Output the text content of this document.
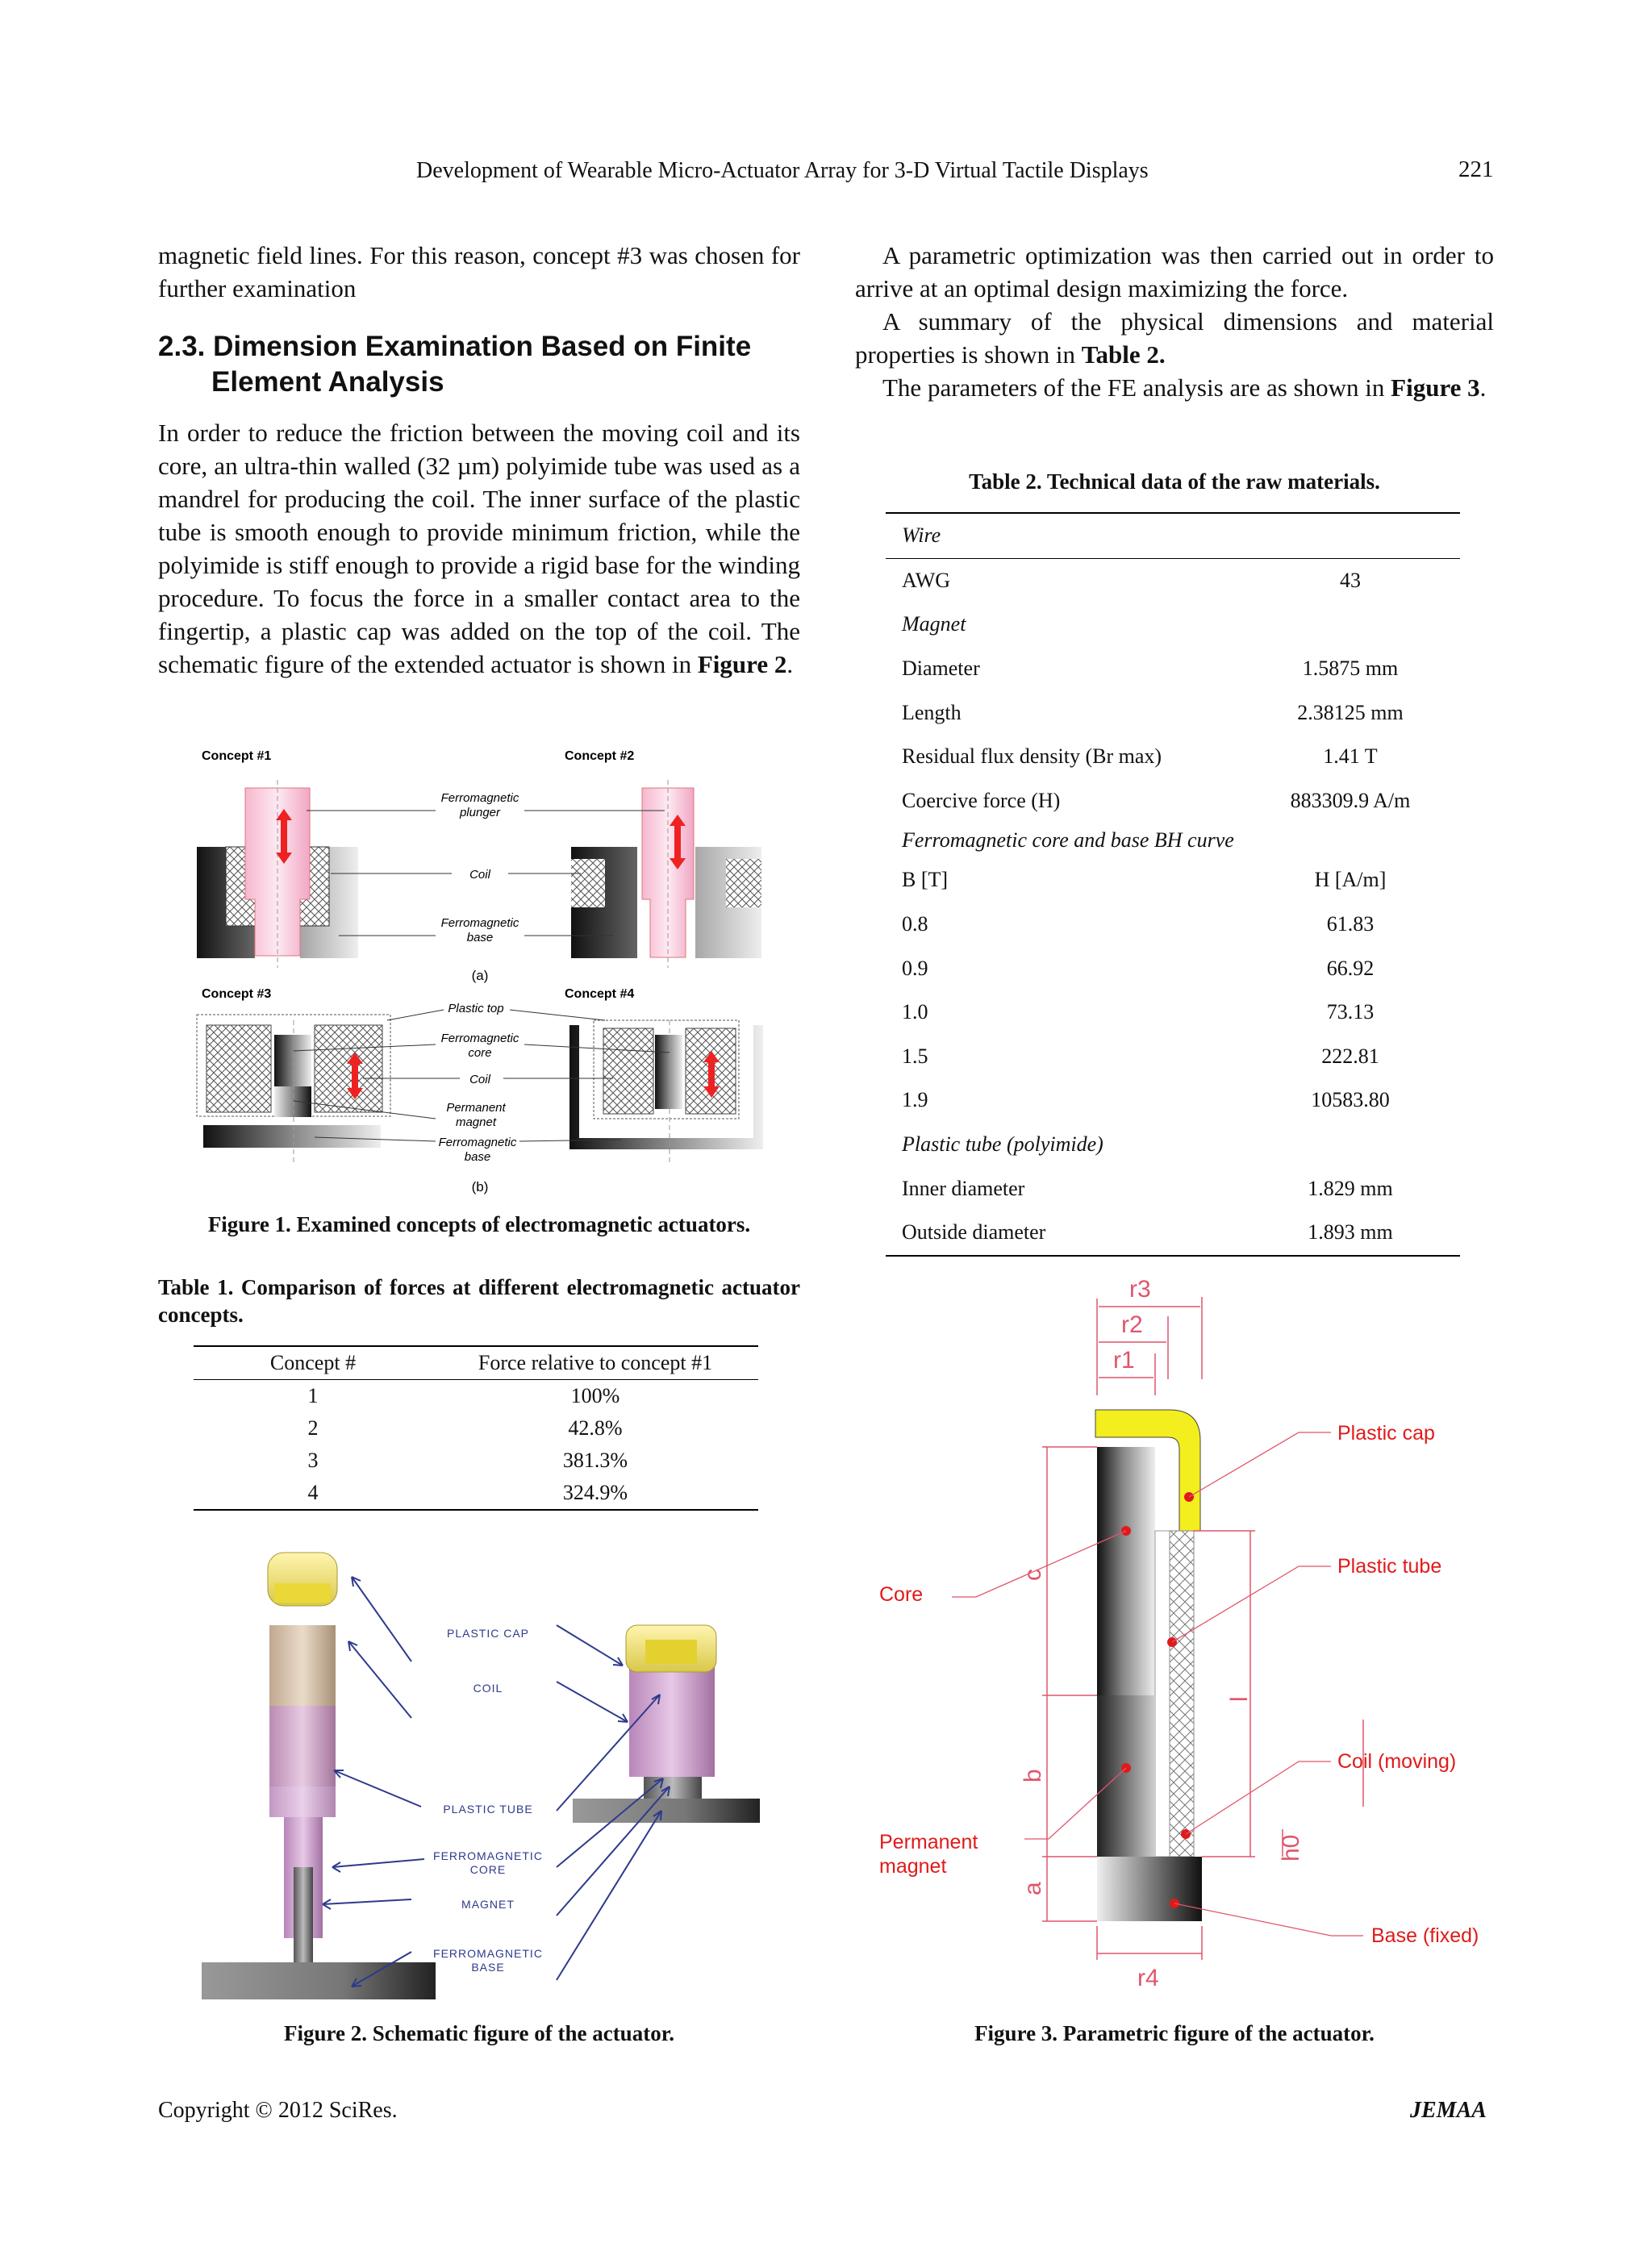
Development of Wearable Micro-Actuator Array for 3-D Virtual Tactile Displays	221

magnetic field lines. For this reason, concept #3 was chosen for further examination

2.3. Dimension Examination Based on Finite
Element Analysis

In order to reduce the friction between the moving coil and its core, an ultra-thin walled (32 µm) polyimide tube was used as a mandrel for producing the coil. The inner surface of the plastic tube is smooth enough to provide minimum friction, while the polyimide is stiff enough to provide a rigid base for the winding procedure. To focus the force in a smaller contact area to the fingertip, a plastic cap was added on the top of the coil. The schematic figure of the extended actuator is shown in Figure 2.

A parametric optimization was then carried out in order to arrive at an optimal design maximizing the force.

A summary of the physical dimensions and material properties is shown in Table 2.

The parameters of the FE analysis are as shown in Figure 3.

Concept #1	Concept #2
Ferromagnetic
plunger
Coil
Ferromagnetic
base
(a)
Concept #3	Concept #4
Plastic top
Ferromagnetic
core
Coil
Permanent
magnet
Ferromagnetic
base
(b)
Figure 1. Examined concepts of electromagnetic actuators.
Table 1. Comparison of forces at different electromagnetic actuator concepts.
Concept #	Force relative to concept #1
1	100%
2	42.8%
3	381.3%
4	324.9%
PLASTIC CAP
COIL
PLASTIC TUBE
FERROMAGNETIC
CORE
MAGNET
FERROMAGNETIC
BASE
Figure 2. Schematic figure of the actuator.
Table 2. Technical data of the raw materials.
Wire	
AWG	43
Magnet	
Diameter	1.5875 mm
Length	2.38125 mm
Residual flux density (Br max)	1.41 T
Coercive force (H)	883309.9 A/m
Ferromagnetic core and base BH curve	
B [T]	H [A/m]
0.8	61.83
0.9	66.92
1.0	73.13
1.5	222.81
1.9	10583.80
Plastic tube (polyimide)	
Inner diameter	1.829 mm
Outside diameter	1.893 mm
r3
r2
r1
c
b
a
l
h0
r4
Plastic cap
Plastic tube
Core
Coil (moving)
Permanent
magnet
Base (fixed)
Figure 3. Parametric figure of the actuator.
Copyright © 2012 SciRes.	JEMAA
